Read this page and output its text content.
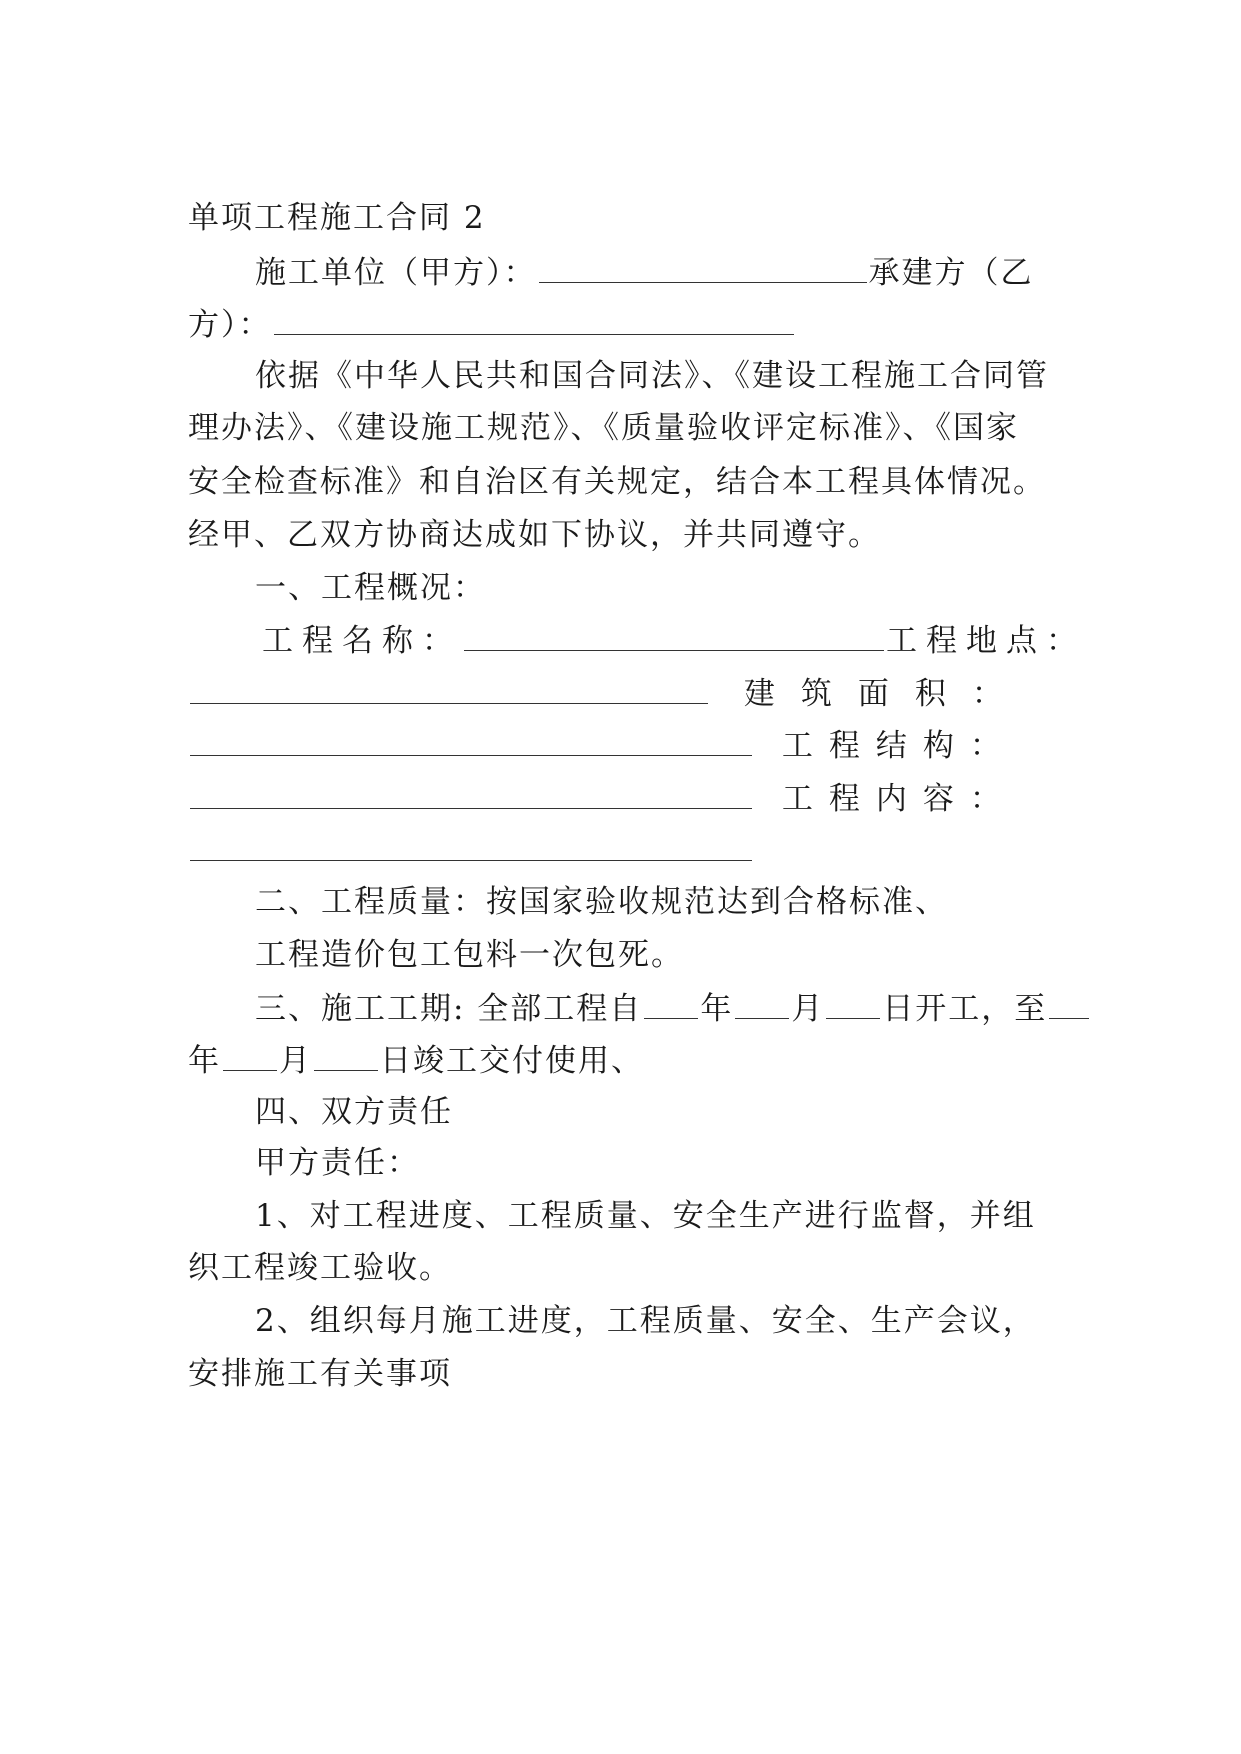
单项工程施工合同 2
施工单位（甲方）：	承建方（乙
方）：
依据《中华人民共和国合同法》、《建设工程施工合同管
理办法》、《建设施工规范》、《质量验收评定标准》、《国家
安全检查标准》和自治区有关规定，结合本工程具体情况。
经甲、乙双方协商达成如下协议，并共同遵守。
一、工程概况：
工程名称：	工程地点：
建筑面积：
工程结构：
工程内容：
二、工程质量：按国家验收规范达到合格标准、
工程造价包工包料一次包死。
三、施工工期: 全部工程自 年 月 日开工，至
年 月 日竣工交付使用、
四、双方责任
甲方责任：
1、对工程进度、工程质量、安全生产进行监督，并组
织工程竣工验收。
2、组织每月施工进度，工程质量、安全、生产会议，
安排施工有关事项
